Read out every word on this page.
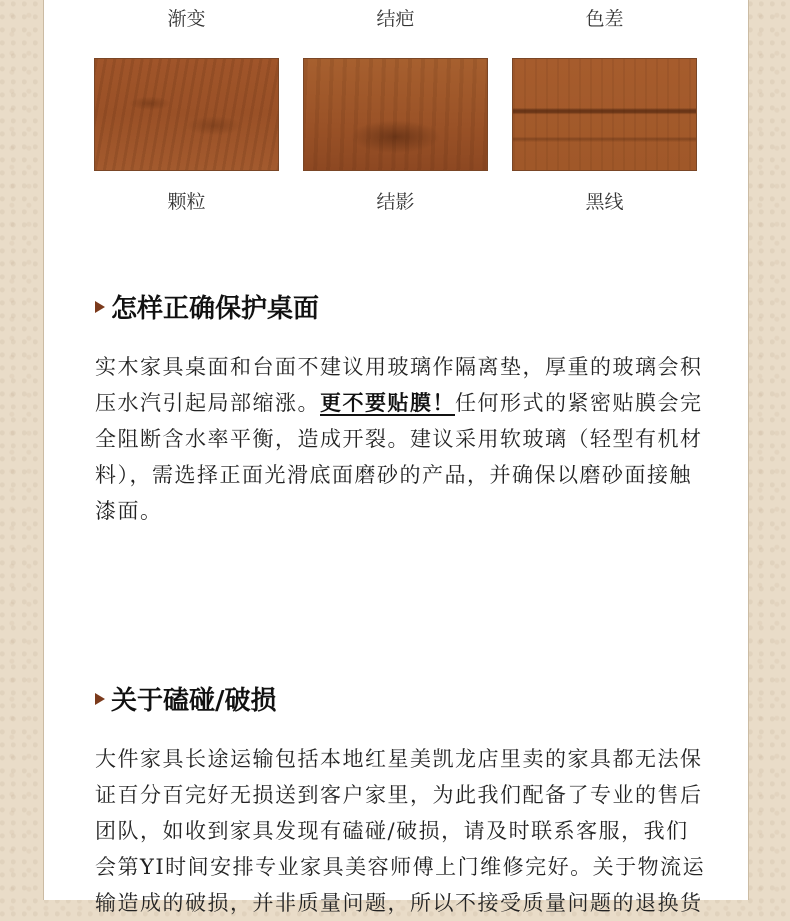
渐变	结疤	色差
颗粒	结影	黑线
怎样正确保护桌面
实木家具桌面和台面不建议用玻璃作隔离垫，厚重的玻璃会积压水汽引起局部缩涨。更不要贴膜！任何形式的紧密贴膜会完全阻断含水率平衡，造成开裂。建议采用软玻璃（轻型有机材料），需选择正面光滑底面磨砂的产品，并确保以磨砂面接触漆面。
关于磕碰/破损
大件家具长途运输包括本地红星美凯龙店里卖的家具都无法保证百分百完好无损送到客户家里，为此我们配备了专业的售后团队，如收到家具发现有磕碰/破损，请及时联系客服，我们会第YI时间安排专业家具美容师傅上门维修完好。关于物流运输造成的破损，并非质量问题，所以不接受质量问题的退换货
